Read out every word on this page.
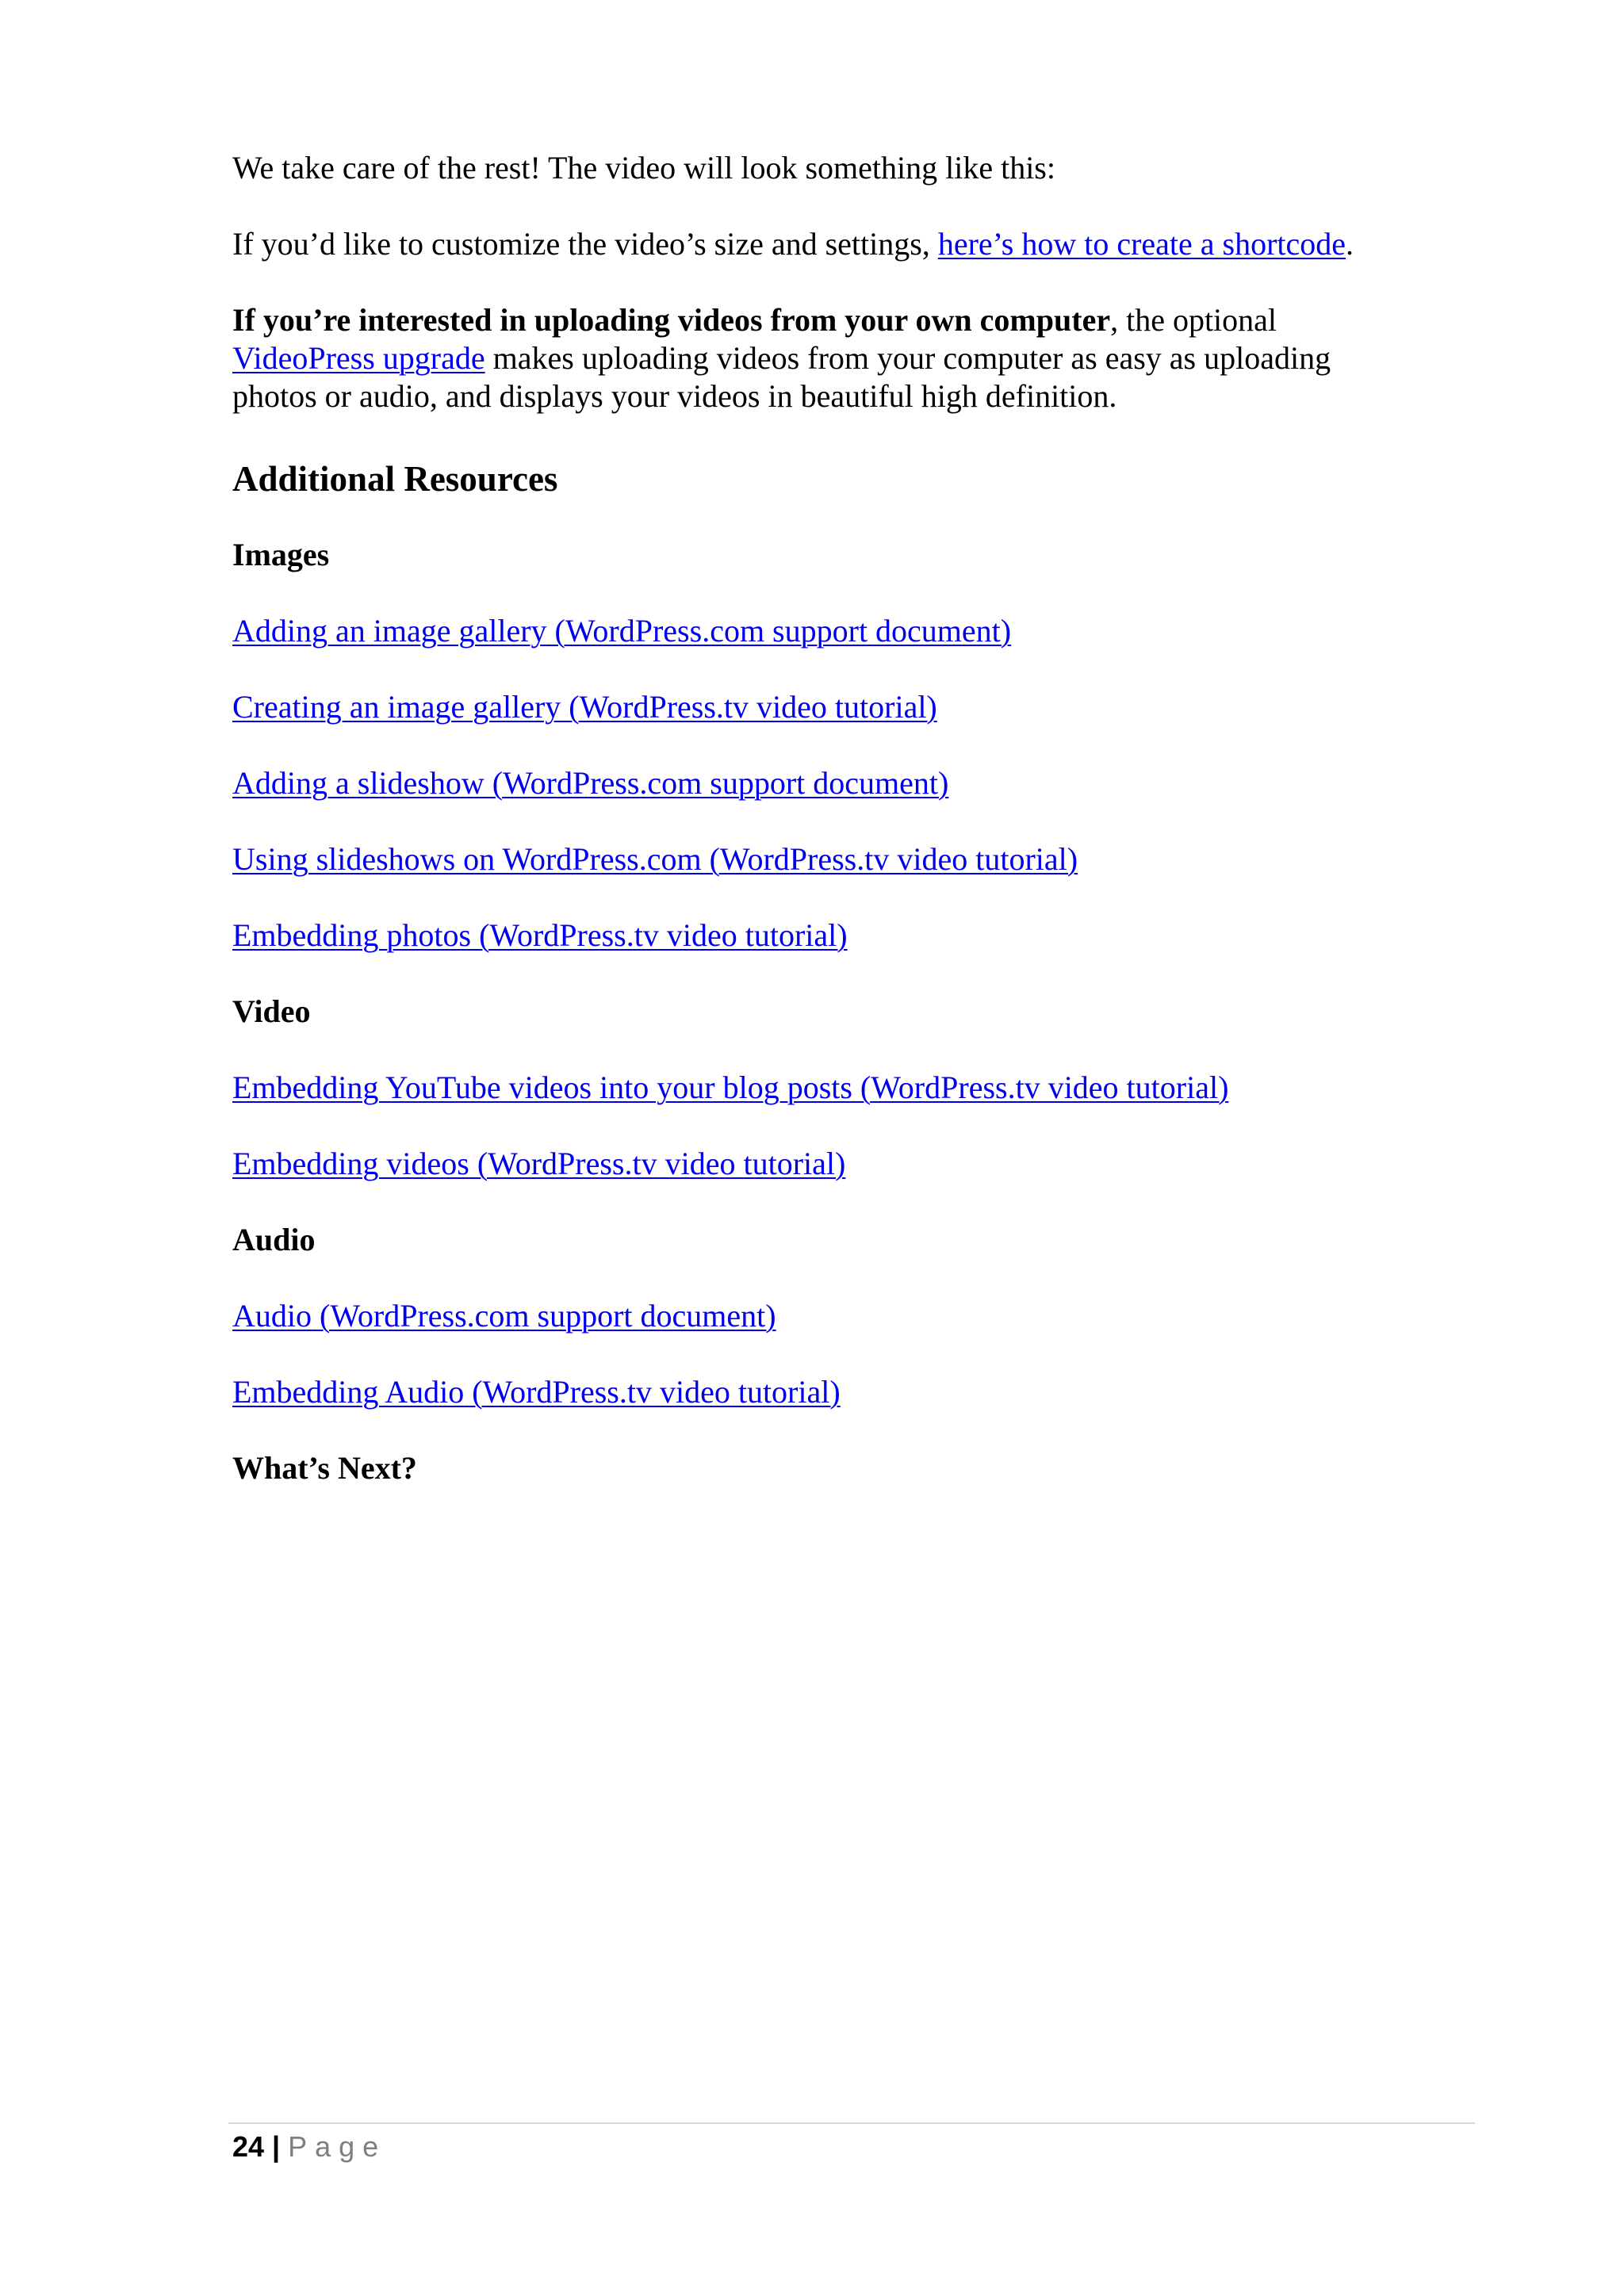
We take care of the rest! The video will look something like this:

If you’d like to customize the video’s size and settings, here’s how to create a shortcode.

If you’re interested in uploading videos from your own computer, the optional VideoPress upgrade makes uploading videos from your computer as easy as uploading photos or audio, and displays your videos in beautiful high definition.

Additional Resources
Images
Adding an image gallery (WordPress.com support document)
Creating an image gallery (WordPress.tv video tutorial)
Adding a slideshow (WordPress.com support document)
Using slideshows on WordPress.com (WordPress.tv video tutorial)
Embedding photos (WordPress.tv video tutorial)
Video
Embedding YouTube videos into your blog posts (WordPress.tv video tutorial)
Embedding videos (WordPress.tv video tutorial)
Audio
Audio (WordPress.com support document)
Embedding Audio (WordPress.tv video tutorial)
What’s Next?
24 | Page
